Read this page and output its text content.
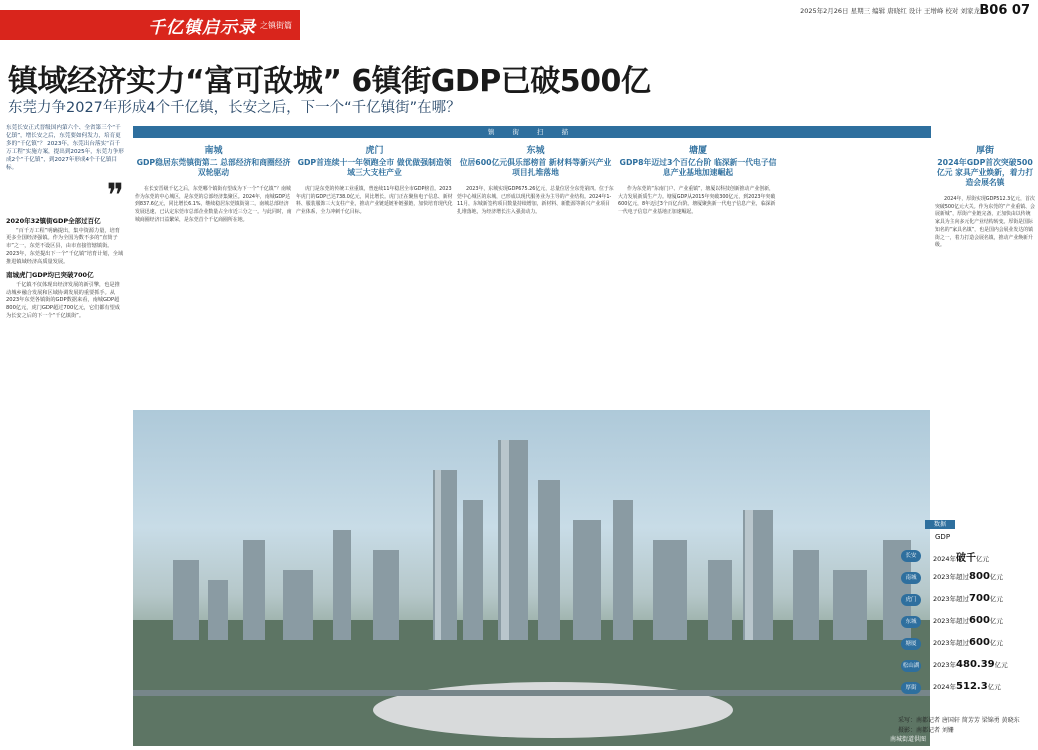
千亿镇启示录 之镇街篇
2025年2月26日 星期三 编辑 唐晓红 设计 王增峰 校对 刘家龙 B06 07
镇域经济实力“富可敌城” 6镇街GDP已破500亿
东莞力争2027年形成4个千亿镇，长安之后，下一个“千亿镇街”在哪？
东莞长安正式晋级国内第六个、全省第三个“千亿镇”，增长安之后，东莞要如何发力，培育更多的“千亿镇”？ 2023年，东莞出台落实“百千万工程”实施方案，提出到2025年，东莞力争形成2个“千亿镇”，到2027年形成4个千亿镇目标。
❞
2020年32镇街GDP全部过百亿

“百千万工程”明确提出，集中资源力量，培育更多全国经济强镇。作为全国为数不多的“直筒子市”之一，东莞不设区县，由市直接管辖镇街。2023年，东莞提出下一个“千亿镇”培育计划，全域推进镇域经济高质量发展。

南城虎门GDP均已突破700亿

千亿镇不仅体现出经济发展的新引擎，也是推动城乡融合发展和区域协调发展的重要抓手。从2023年东莞各镇街的GDP数据来看，南城GDP超800亿元，虎门GDP超过700亿元，它们都有望成为长安之后的下一个“千亿镇街”。

镇 街 扫 描
南城
GDP稳居东莞镇街第二 总部经济和商圈经济双轮驱动

在长安晋级千亿之后，东莞哪个镇街有望成为下一个“千亿镇”？南城作为东莞的中心城区，是东莞的总部经济集聚区。2024年，南城GDP达到837.6亿元，同比增长6.1%，继续稳居东莞镇街第二。南城总部经济发展迅速，已认定东莞市总部企业数量占全市近三分之一。与此同时，南城商圈经济日益繁荣，是东莞首个千亿商圈所在地。

虎门
GDP首连续十一年领跑全市 做优做强制造领域三大支柱产业

虎门是东莞的传统工业重镇，曾连续11年稳居全市GDP榜首。2023年虎门的GDP已达738.0亿元，同比增长。虎门正在聚焦电子信息、新材料、服装服饰三大支柱产业，推动产业链延链补链强链，加快培育现代化产业体系，全力冲刺千亿目标。

东城
位居600亿元俱乐部榜首 新材料等新兴产业项目扎堆落地

2023年，东城实现GDP675.26亿元，总量位居全东莞第四。位于东莞中心城区的东城，已形成以现代服务业为主导的产业结构。2024年1-11月，东城新签约项目数量持续增加，新材料、新能源等新兴产业项目扎堆落地，为经济增长注入强劲动力。

塘厦
GDP8年迈过3个百亿台阶 临深新一代电子信息产业基地加速崛起

作为东莞的“东南门户、产业重镇”，塘厦以科技创新推动产业创新，大力发展新质生产力。塘厦GDP从2015年突破300亿元，到2023年突破600亿元，8年迈过3个百亿台阶。塘厦聚焦新一代电子信息产业，临深新一代电子信息产业基地正加速崛起。

南城街道供图
厚街
2024年GDP首次突破500亿元 家具产业焕新，着力打造会展名镇

2024年，厚街实现GDP512.3亿元，首次突破500亿元大关。作为东莞的“产业重镇、会展新城”，厚街产业链完备，正加快由以传统家具为主向多元化产业结构转变。厚街是国际知名的“家具名镇”，也是国内会展业发达的镇街之一，着力打造会展名镇，推动产业焕新升级。

数据
GDP
长安	2024年破千亿元
南城	2023年超过800亿元
虎门	2023年超过700亿元
东城	2023年超过600亿元
塘厦	2023年超过600亿元
松山湖 2023年480.39亿元
厚街	2024年512.3亿元
采写：南都记者 唐国轩 简芳芳 梁锦勇 黄晓东
摄影：南都记者 刘姗
